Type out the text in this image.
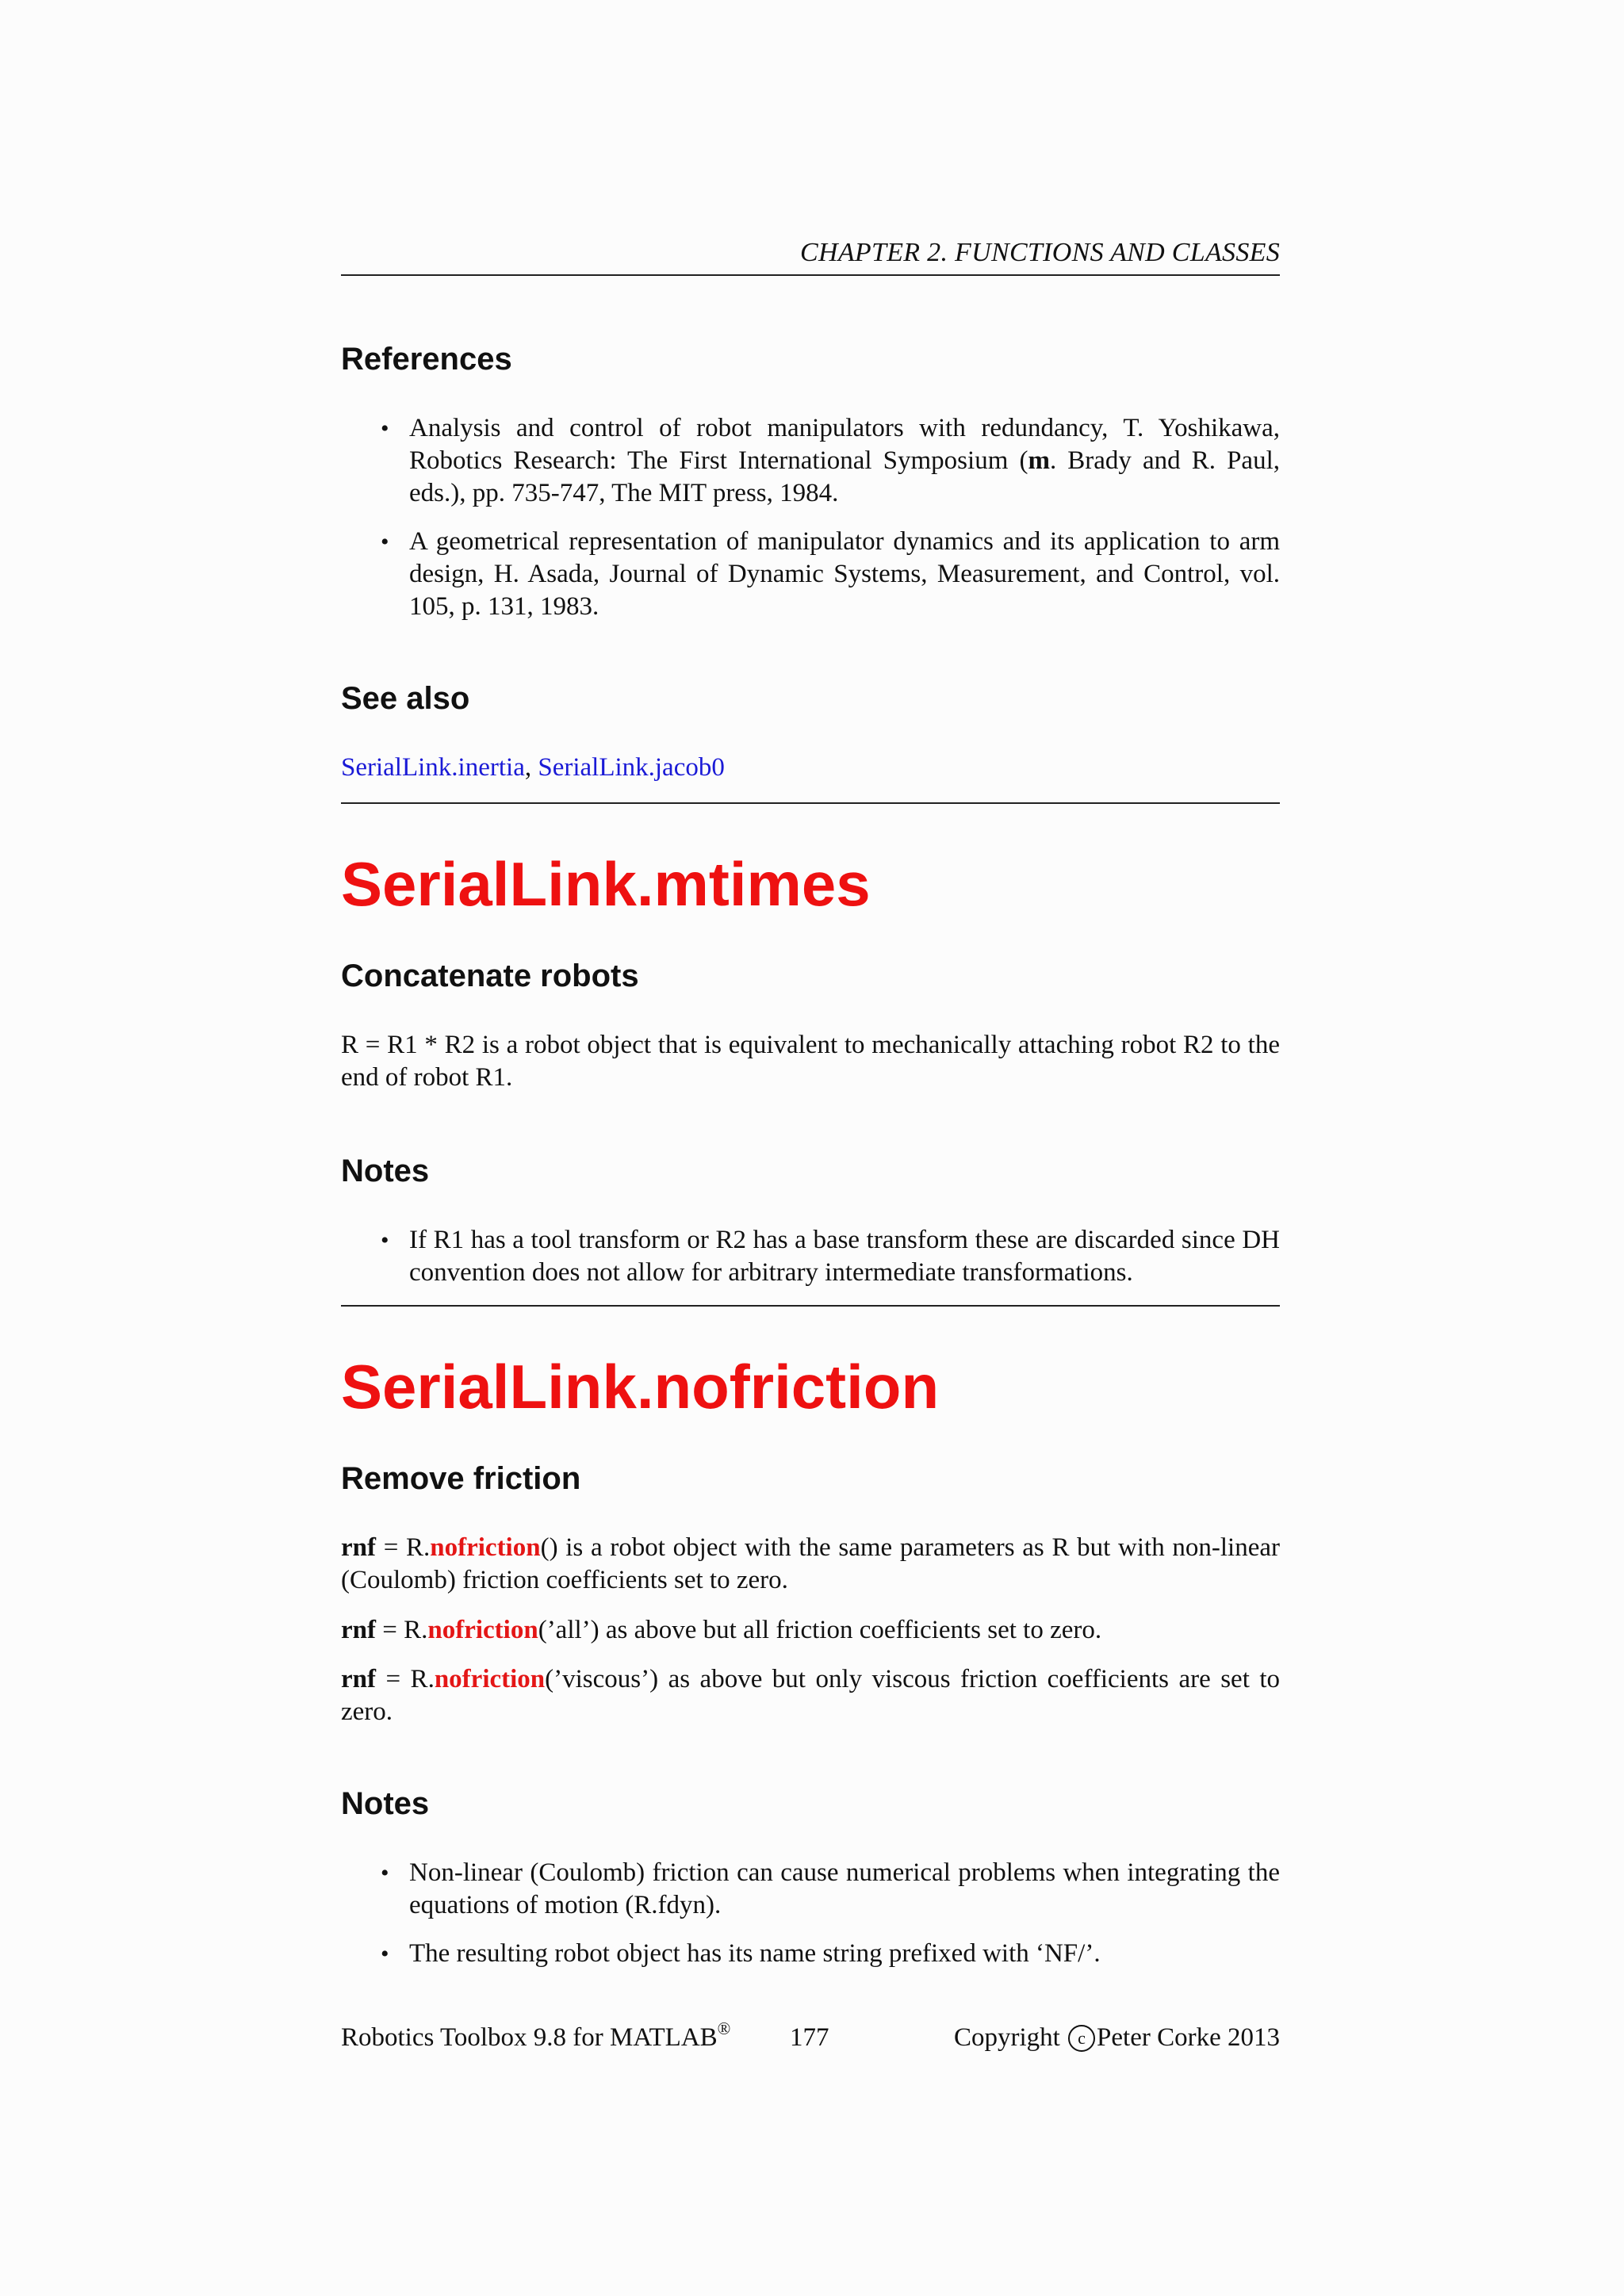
CHAPTER 2. FUNCTIONS AND CLASSES
References
• Analysis and control of robot manipulators with redundancy, T. Yoshikawa, Robotics Research: The First International Symposium (m. Brady and R. Paul, eds.), pp. 735-747, The MIT press, 1984.
• A geometrical representation of manipulator dynamics and its application to arm design, H. Asada, Journal of Dynamic Systems, Measurement, and Control, vol. 105, p. 131, 1983.
See also
SerialLink.inertia, SerialLink.jacob0
SerialLink.mtimes
Concatenate robots
R = R1 * R2 is a robot object that is equivalent to mechanically attaching robot R2 to the end of robot R1.
Notes
• If R1 has a tool transform or R2 has a base transform these are discarded since DH convention does not allow for arbitrary intermediate transformations.
SerialLink.nofriction
Remove friction
rnf = R.nofriction() is a robot object with the same parameters as R but with non-linear (Coulomb) friction coefficients set to zero.
rnf = R.nofriction(’all’) as above but all friction coefficients set to zero.
rnf = R.nofriction(’viscous’) as above but only viscous friction coefficients are set to zero.
Notes
• Non-linear (Coulomb) friction can cause numerical problems when integrating the equations of motion (R.fdyn).
• The resulting robot object has its name string prefixed with ‘NF/’.
Robotics Toolbox 9.8 for MATLAB® 177	Copyright c Peter Corke 2013
